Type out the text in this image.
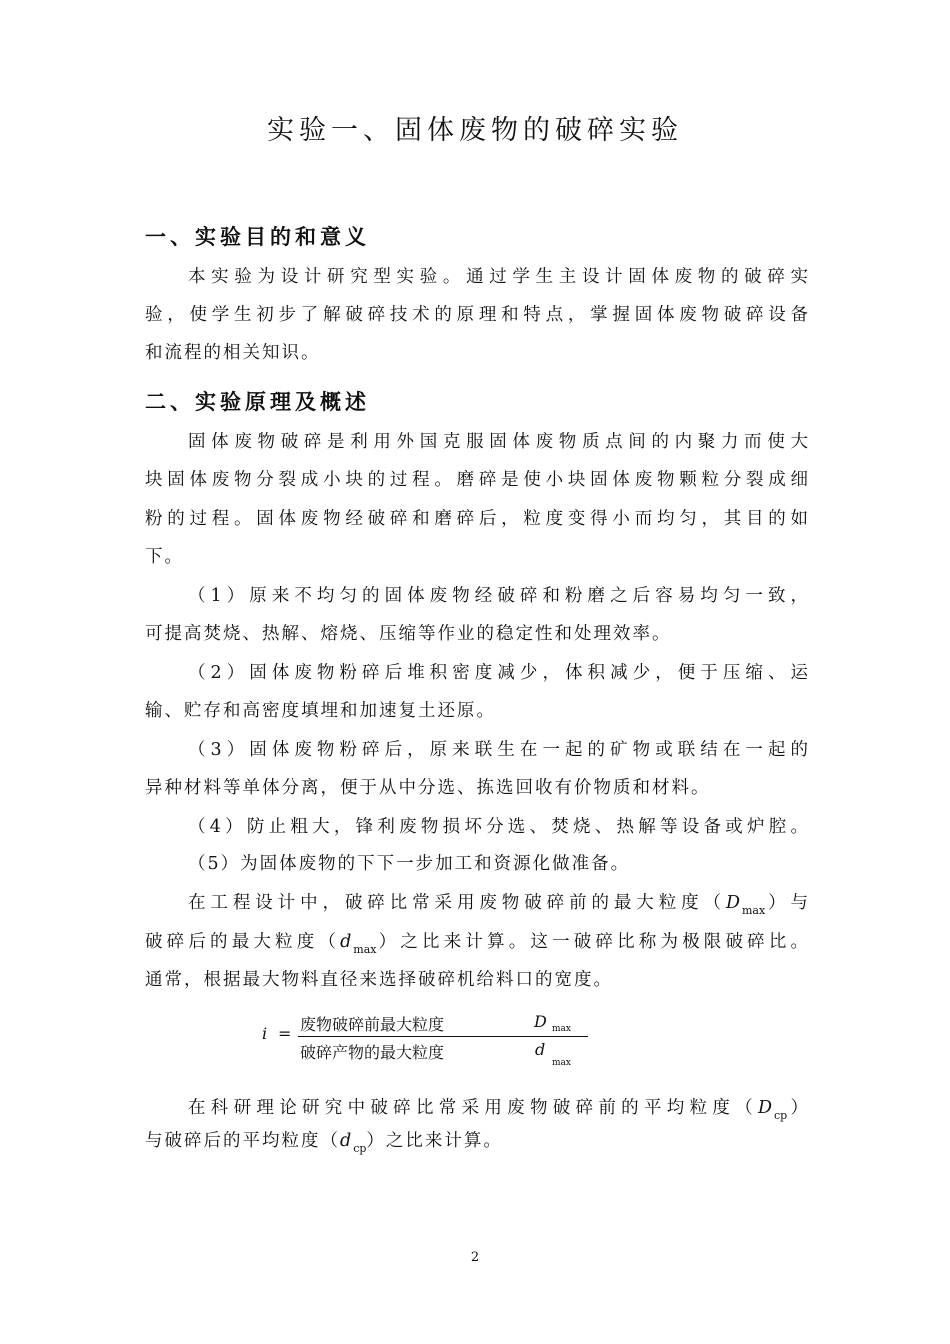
实验一、固体废物的破碎实验
一、实验目的和意义
本实验为设计研究型实验。通过学生主设计固体废物的破碎实
验，使学生初步了解破碎技术的原理和特点，掌握固体废物破碎设备
和流程的相关知识。
二、实验原理及概述
固体废物破碎是利用外国克服固体废物质点间的内聚力而使大
块固体废物分裂成小块的过程。磨碎是使小块固体废物颗粒分裂成细
粉的过程。固体废物经破碎和磨碎后，粒度变得小而均匀，其目的如
下。
（1）原来不均匀的固体废物经破碎和粉磨之后容易均匀一致，
可提高焚烧、热解、熔烧、压缩等作业的稳定性和处理效率。
（2）固体废物粉碎后堆积密度减少，体积减少，便于压缩、运
输、贮存和高密度填埋和加速复土还原。
（3）固体废物粉碎后，原来联生在一起的矿物或联结在一起的
异种材料等单体分离，便于从中分选、拣选回收有价物质和材料。
（4）防止粗大，锋利废物损坏分选、焚烧、热解等设备或炉腔。
（5）为固体废物的下下一步加工和资源化做准备。
在工程设计中，破碎比常采用废物破碎前的最大粒度$(D_{max})$与
破碎后的最大粒度$(d_{max})$之比来计算。这一破碎比称为极限破碎比。
通常，根据最大物料直径来选择破碎机给料口的宽度。
i = 废物破碎前最大粒度
破碎产物的最大粒度
D max
d
max
在科研理论研究中破碎比常采用废物破碎前的平均粒度$(D_{cp})$
与破碎后的平均粒度$(d_{cp})$之比来计算。
2
